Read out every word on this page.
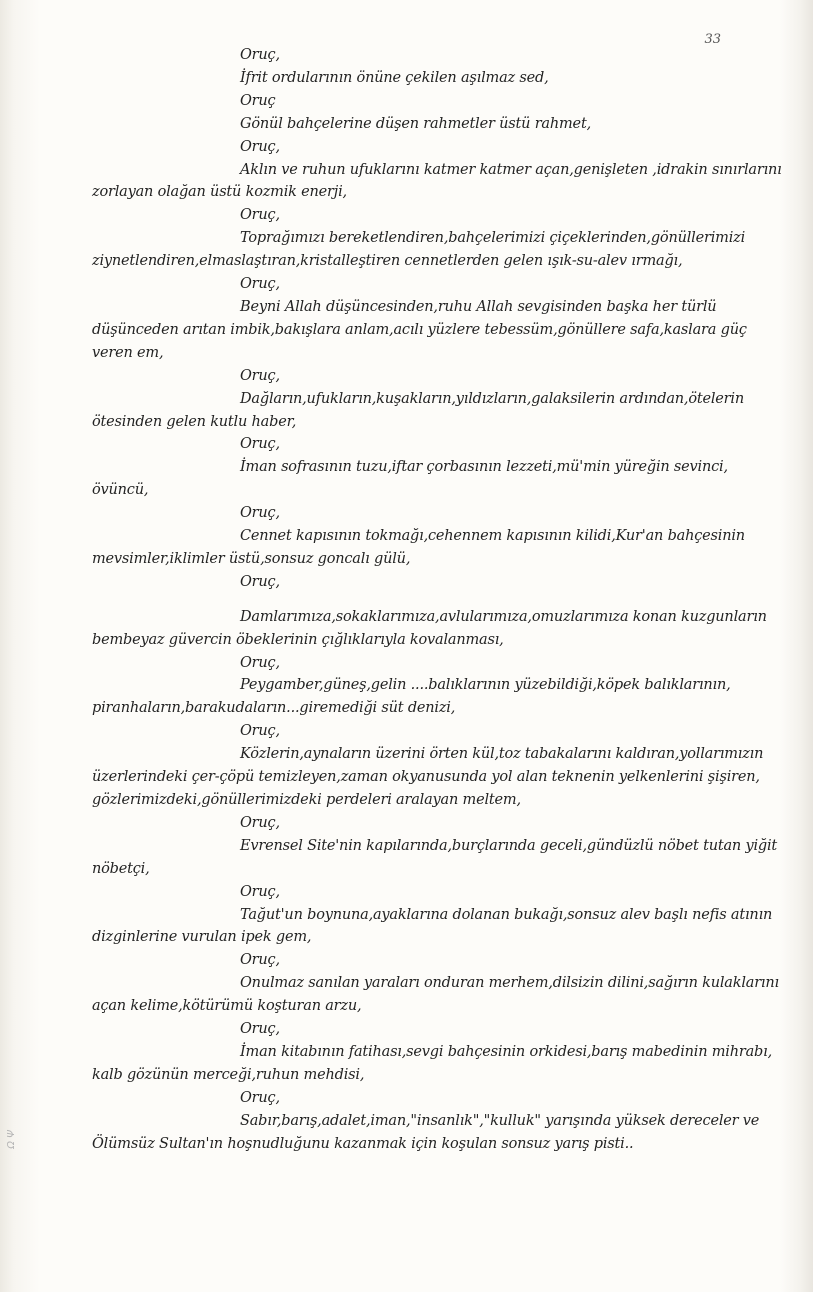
33
Oruç,
İfrit ordularının önüne çekilen aşılmaz sed,
Oruç
Gönül bahçelerine düşen rahmetler üstü rahmet,
Oruç,
Aklın ve ruhun ufuklarını katmer katmer açan,genişleten ,idrakin sınırlarını zorlayan olağan üstü kozmik enerji,
Oruç,
Toprağımızı bereketlendiren,bahçelerimizi çiçeklerinden,gönüllerimizi ziynetlendiren,elmaslaştıran,kristalleştiren cennetlerden gelen ışık-su-alev ırmağı,
Oruç,
Beyni Allah düşüncesinden,ruhu Allah sevgisinden başka her türlü düşünceden arıtan imbik,bakışlara anlam,acılı yüzlere tebessüm,gönüllere safa,kaslara güç veren em,
Oruç,
Dağların,ufukların,kuşakların,yıldızların,galaksilerin ardından,ötelerin ötesinden gelen kutlu haber,
Oruç,
İman sofrasının tuzu,iftar çorbasının lezzeti,mü'min yüreğin sevinci, övüncü,
Oruç,
Cennet kapısının tokmağı,cehennem kapısının kilidi,Kur'an bahçesinin mevsimler,iklimler üstü,sonsuz goncalı gülü,
Oruç,
Damlarımıza,sokaklarımıza,avlularımıza,omuzlarımıza konan kuzgunların bembeyaz güvercin öbeklerinin çığlıklarıyla kovalanması,
Oruç,
Peygamber,güneş,gelin ....balıklarının yüzebildiği,köpek balıklarının, piranhaların,barakudaların...giremediği süt denizi,
Oruç,
Közlerin,aynaların üzerini örten kül,toz tabakalarını kaldıran,yollarımızın üzerlerindeki çer-çöpü temizleyen,zaman okyanusunda yol alan teknenin yelkenlerini şişiren, gözlerimizdeki,gönüllerimizdeki perdeleri aralayan meltem,
Oruç,
Evrensel Site'nin kapılarında,burçlarında geceli,gündüzlü nöbet tutan yiğit nöbetçi,
Oruç,
Tağut'un boynuna,ayaklarına dolanan bukağı,sonsuz alev başlı nefis atının dizginlerine vurulan ipek gem,
Oruç,
Onulmaz sanılan yaraları onduran merhem,dilsizin dilini,sağırın kulaklarını açan kelime,kötürümü koşturan arzu,
Oruç,
İman kitabının fatihası,sevgi bahçesinin orkidesi,barış mabedinin mihrabı, kalb gözünün merceği,ruhun mehdisi,
Oruç,
Sabır,barış,adalet,iman,"insanlık","kulluk" yarışında yüksek dereceler ve Ölümsüz Sultan'ın hoşnudluğunu kazanmak için koşulan sonsuz yarış pisti..
Ω Ψ
